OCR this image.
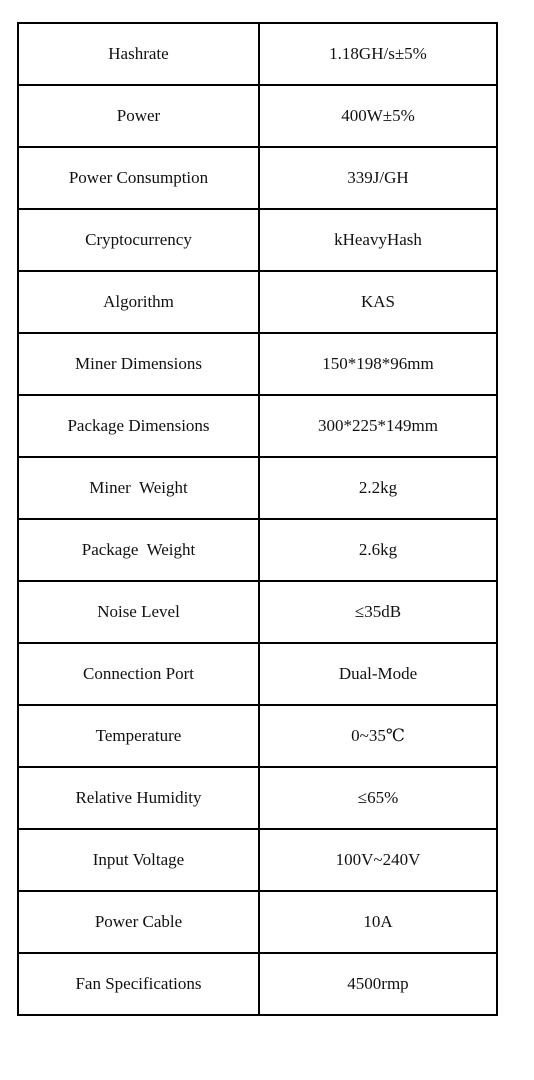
Hashrate	1.18GH/s±5%
Power	400W±5%
Power Consumption	339J/GH
Cryptocurrency	kHeavyHash
Algorithm	KAS
Miner Dimensions	150*198*96mm
Package Dimensions	300*225*149mm
Miner  Weight	2.2kg
Package  Weight	2.6kg
Noise Level	≤35dB
Connection Port	Dual-Mode
Temperature	0~35℃
Relative Humidity	≤65%
Input Voltage	100V~240V
Power Cable	10A
Fan Specifications	4500rmp
